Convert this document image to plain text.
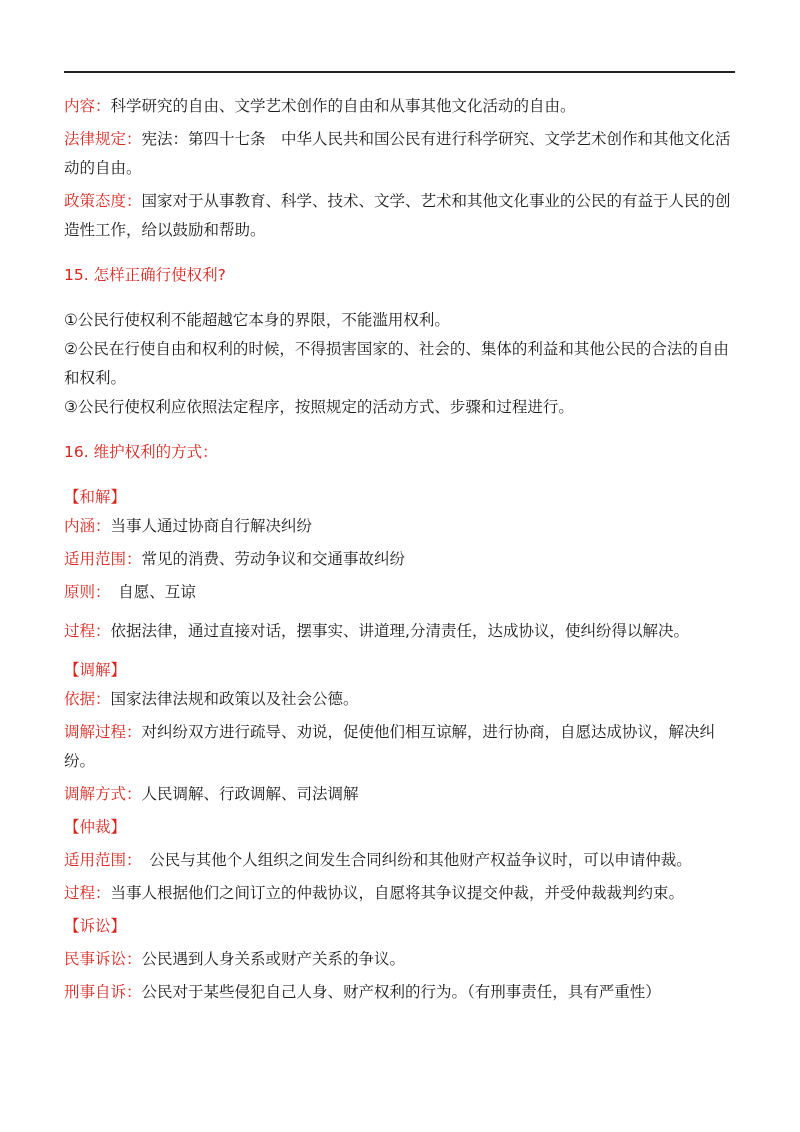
内容：科学研究的自由、文学艺术创作的自由和从事其他文化活动的自由。

法律规定：宪法：第四十七条　中华人民共和国公民有进行科学研究、文学艺术创作和其他文化活动的自由。

政策态度：国家对于从事教育、科学、技术、文学、艺术和其他文化事业的公民的有益于人民的创造性工作，给以鼓励和帮助。

15. 怎样正确行使权利?

①公民行使权利不能超越它本身的界限，不能滥用权利。

②公民在行使自由和权利的时候，不得损害国家的、社会的、集体的利益和其他公民的合法的自由和权利。

③公民行使权利应依照法定程序，按照规定的活动方式、步骤和过程进行。

16. 维护权利的方式：

【和解】

内涵：当事人通过协商自行解决纠纷

适用范围：常见的消费、劳动争议和交通事故纠纷

原则：　自愿、互谅

过程：依据法律，通过直接对话，摆事实、讲道理,分清责任，达成协议，使纠纷得以解决。

【调解】

依据：国家法律法规和政策以及社会公德。

调解过程：对纠纷双方进行疏导、劝说，促使他们相互谅解，进行协商，自愿达成协议，解决纠纷。

调解方式：人民调解、行政调解、司法调解

【仲裁】

适用范围：　公民与其他个人组织之间发生合同纠纷和其他财产权益争议时，可以申请仲裁。

过程：当事人根据他们之间订立的仲裁协议，自愿将其争议提交仲裁，并受仲裁裁判约束。

【诉讼】

民事诉讼：公民遇到人身关系或财产关系的争议。

刑事自诉：公民对于某些侵犯自己人身、财产权利的行为。（有刑事责任，具有严重性）
